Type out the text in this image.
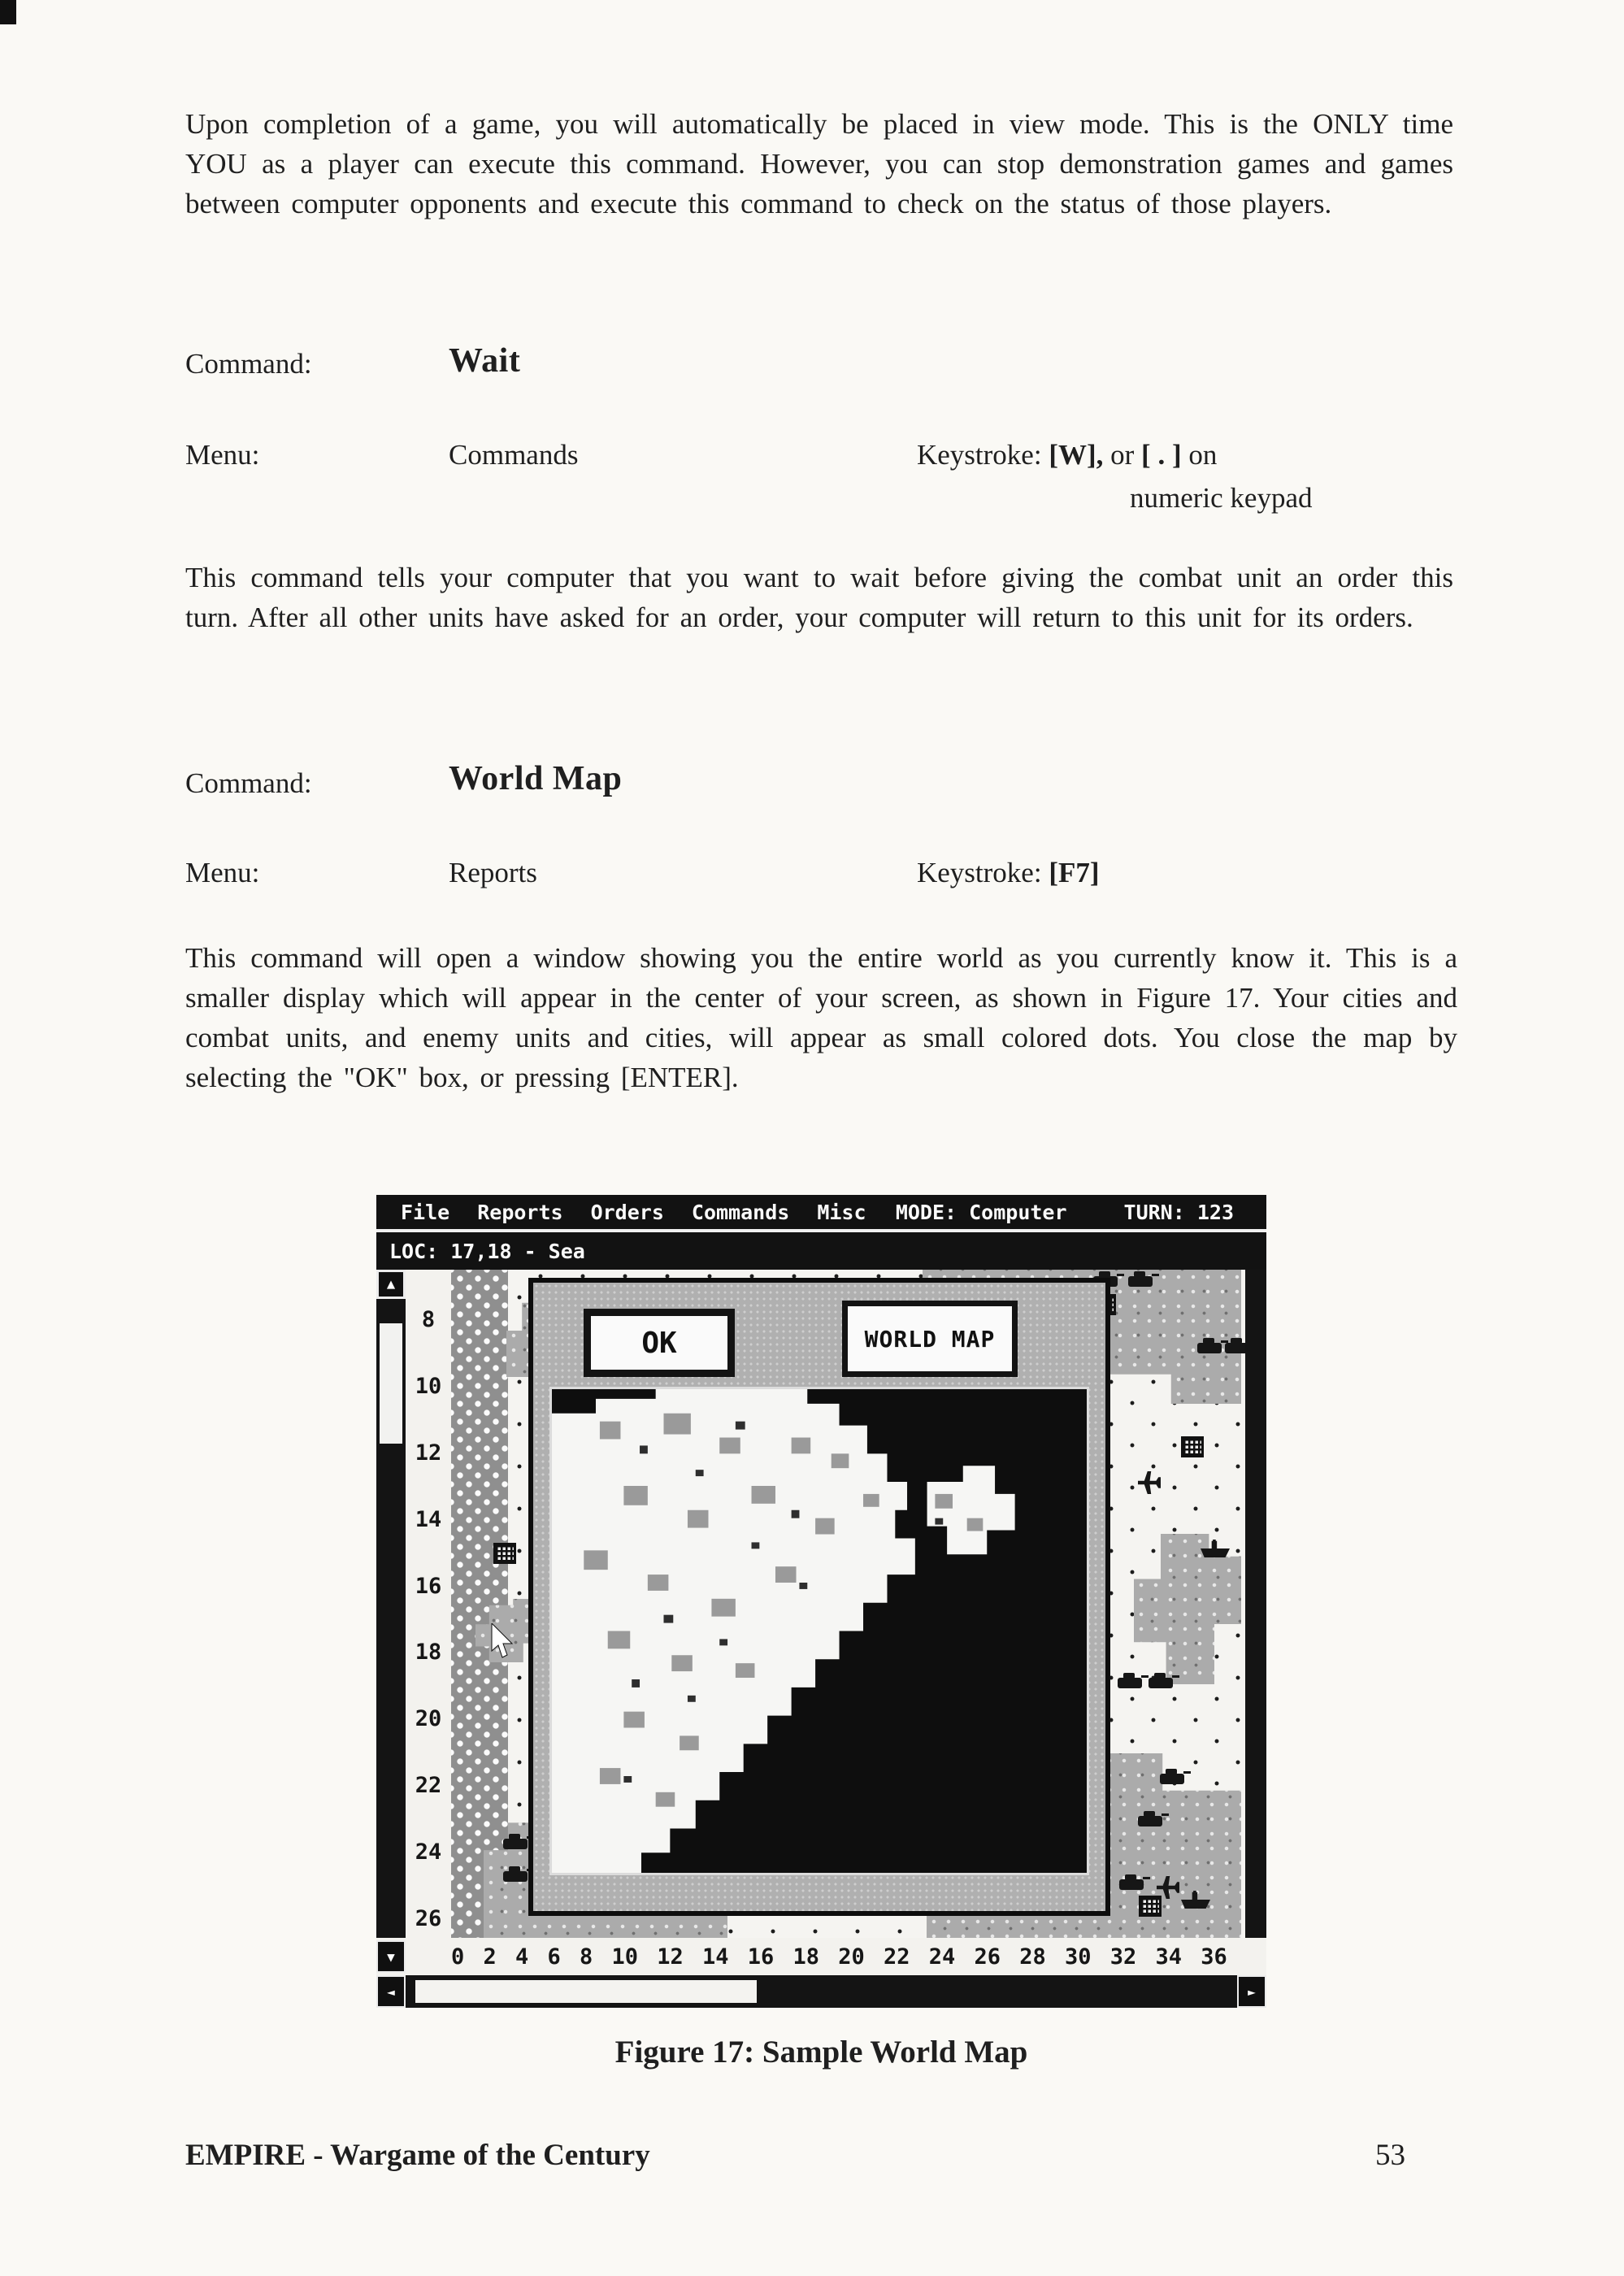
Upon completion of a game, you will automatically be placed in view mode. This is the ONLY time YOU as a player can execute this command. However, you can stop demonstration games and games between computer opponents and execute this command to check on the status of those players.
Command:	Wait
Menu:	Commands	Keystroke: [W], or [ . ] on
numeric keypad
This command tells your computer that you want to wait before giving the combat unit an order this turn. After all other units have asked for an order, your computer will return to this unit for its orders.
Command:	World Map
Menu:	Reports	Keystroke: [F7]
This command will open a window showing you the entire world as you currently know it. This is a smaller display which will appear in the center of your screen, as shown in Figure 17. Your cities and combat units, and enemy units and cities, will appear as small colored dots. You close the map by selecting the "OK" box, or pressing [ENTER].
File Reports Orders Commands Misc MODE: Computer	TURN: 123
LOC: 17,18 - Sea
▲
8
10
12
14
16
18
20
22
24
26
OK	WORLD MAP
▼	0 2 4 6 8 10 12 14 16 18 20 22 24 26 28 30 32 34 36
◄	►
Figure 17: Sample World Map
EMPIRE - Wargame of the Century	53
